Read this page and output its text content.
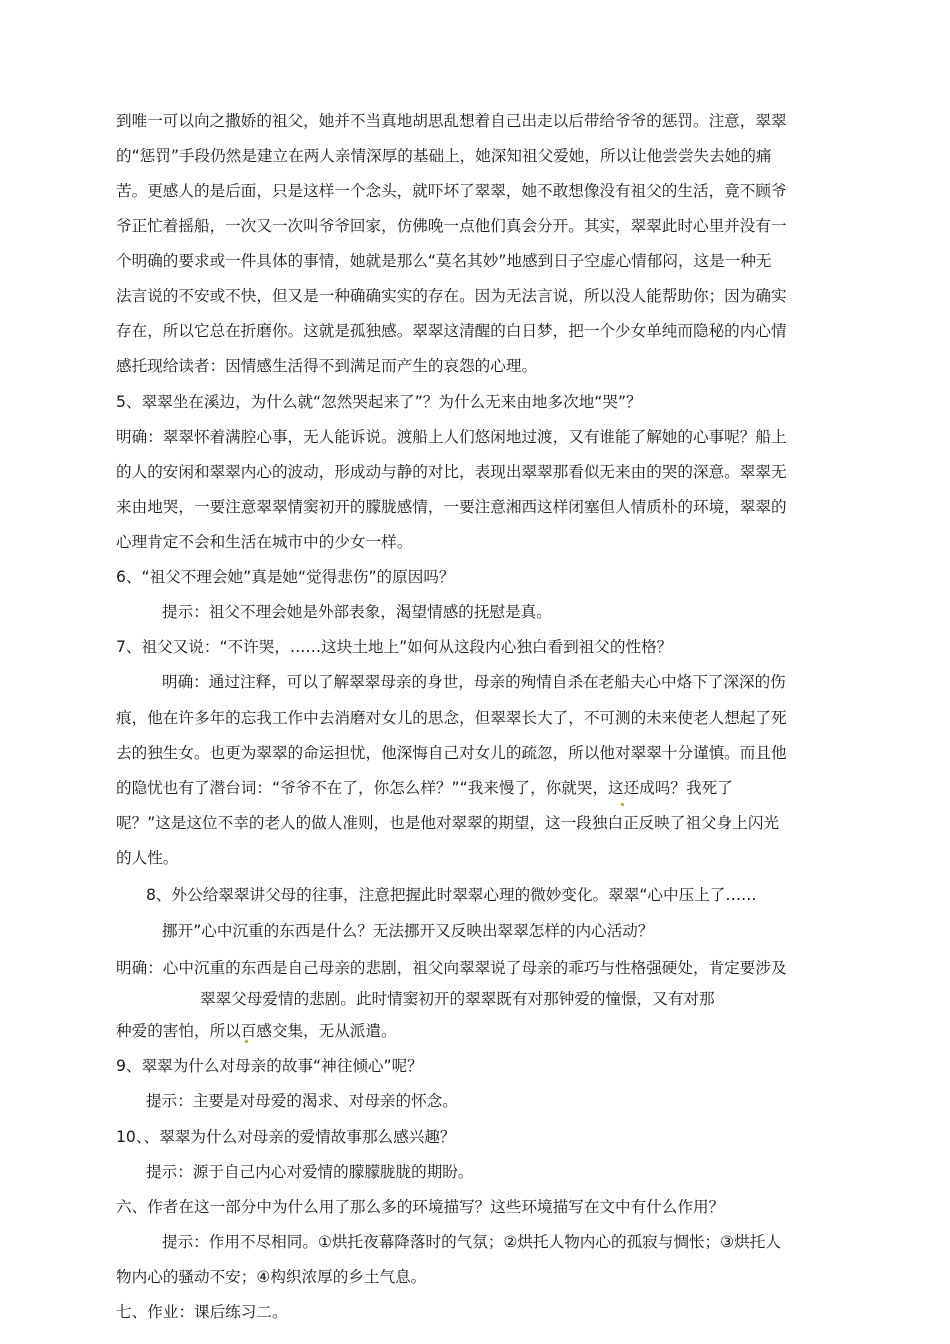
到唯一可以向之撒娇的祖父，她并不当真地胡思乱想着自己出走以后带给爷爷的惩罚。注意，翠翠
的“惩罚”手段仍然是建立在两人亲情深厚的基础上，她深知祖父爱她，所以让他尝尝失去她的痛
苦。更感人的是后面，只是这样一个念头，就吓坏了翠翠，她不敢想像没有祖父的生活，竟不顾爷
爷正忙着摇船，一次又一次叫爷爷回家，仿佛晚一点他们真会分开。其实，翠翠此时心里并没有一
个明确的要求或一件具体的事情，她就是那么“莫名其妙”地感到日子空虚心情郁闷，这是一种无
法言说的不安或不快，但又是一种确确实实的存在。因为无法言说，所以没人能帮助你；因为确实
存在，所以它总在折磨你。这就是孤独感。翠翠这清醒的白日梦，把一个少女单纯而隐秘的内心情
感托现给读者：因情感生活得不到满足而产生的哀怨的心理。
5、翠翠坐在溪边，为什么就“忽然哭起来了”？为什么无来由地多次地“哭”？
明确：翠翠怀着满腔心事，无人能诉说。渡船上人们悠闲地过渡，又有谁能了解她的心事呢？船上
的人的安闲和翠翠内心的波动，形成动与静的对比，表现出翠翠那看似无来由的哭的深意。翠翠无
来由地哭，一要注意翠翠情窦初开的朦胧感情，一要注意湘西这样闭塞但人情质朴的环境，翠翠的
心理肯定不会和生活在城市中的少女一样。
6、“祖父不理会她”真是她“觉得悲伤”的原因吗？
提示：祖父不理会她是外部表象，渴望情感的抚慰是真。
7、祖父又说：“不许哭，……这块土地上”如何从这段内心独白看到祖父的性格？
明确：通过注释，可以了解翠翠母亲的身世，母亲的殉情自杀在老船夫心中烙下了深深的伤
痕，他在许多年的忘我工作中去消磨对女儿的思念，但翠翠长大了，不可测的未来使老人想起了死
去的独生女。也更为翠翠的命运担忧，他深悔自己对女儿的疏忽，所以他对翠翠十分谨慎。而且他
的隐忧也有了潜台词：“爷爷不在了，你怎么样？”“我来慢了，你就哭，这还成吗？我死了
呢？”这是这位不幸的老人的做人准则，也是他对翠翠的期望，这一段独白正反映了祖父身上闪光
的人性。
8、外公给翠翠讲父母的往事，注意把握此时翠翠心理的微妙变化。翠翠“心中压上了……
挪开”心中沉重的东西是什么？无法挪开又反映出翠翠怎样的内心活动？
明确：心中沉重的东西是自己母亲的悲剧，祖父向翠翠说了母亲的乖巧与性格强硬处，肯定要涉及
翠翠父母爱情的悲剧。此时情窦初开的翠翠既有对那钟爱的憧憬，又有对那
种爱的害怕，所以百感交集，无从派遣。
9、翠翠为什么对母亲的故事“神往倾心”呢？
提示：主要是对母爱的渴求、对母亲的怀念。
10、、翠翠为什么对母亲的爱情故事那么感兴趣？
提示：源于自己内心对爱情的朦朦胧胧的期盼。
六、作者在这一部分中为什么用了那么多的环境描写？这些环境描写在文中有什么作用？
提示：作用不尽相同。①烘托夜幕降落时的气氛；②烘托人物内心的孤寂与惆怅；③烘托人
物内心的骚动不安；④构织浓厚的乡土气息。
七、作业：课后练习二。
